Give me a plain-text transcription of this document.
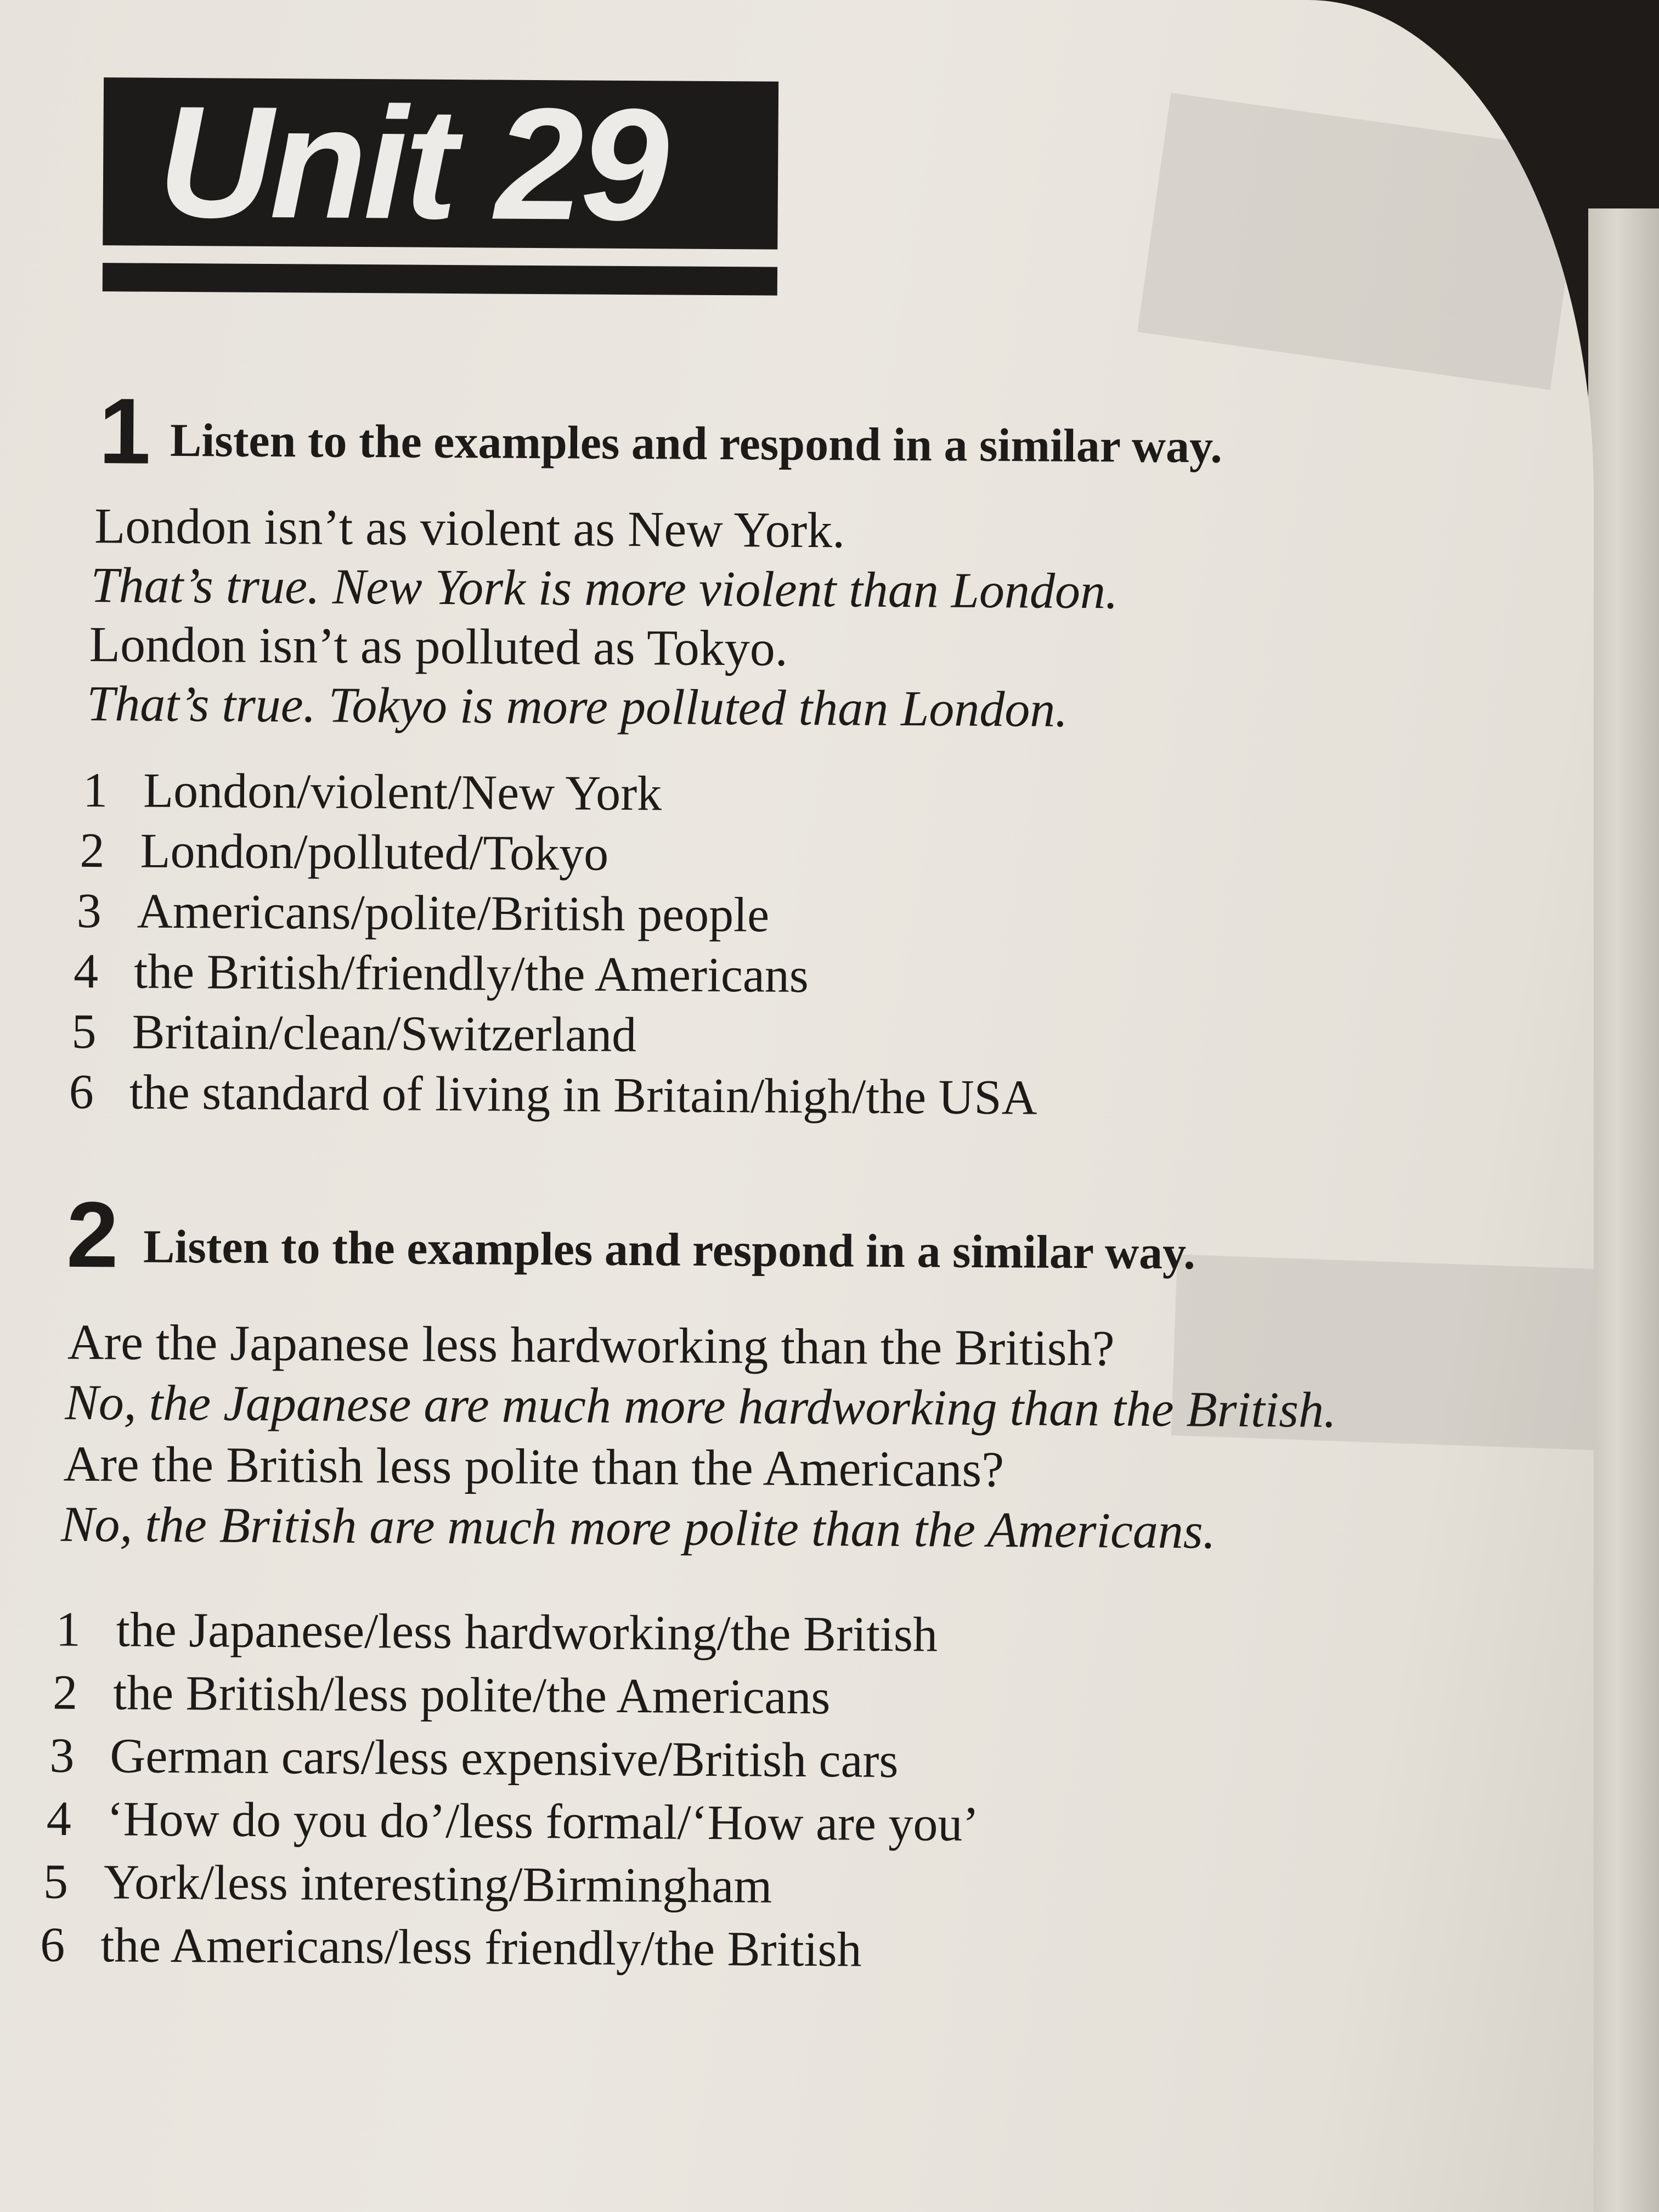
Unit 29
1 Listen to the examples and respond in a similar way.
London isn’t as violent as New York.
That’s true. New York is more violent than London.
London isn’t as polluted as Tokyo.
That’s true. Tokyo is more polluted than London.
1 London/violent/New York
2 London/polluted/Tokyo
3 Americans/polite/British people
4 the British/friendly/the Americans
5 Britain/clean/Switzerland
6 the standard of living in Britain/high/the USA
2 Listen to the examples and respond in a similar way.
Are the Japanese less hardworking than the British?
No, the Japanese are much more hardworking than the British.
Are the British less polite than the Americans?
No, the British are much more polite than the Americans.
1 the Japanese/less hardworking/the British
2 the British/less polite/the Americans
3 German cars/less expensive/British cars
4 ‘How do you do’/less formal/‘How are you’
5 York/less interesting/Birmingham
6 the Americans/less friendly/the British
